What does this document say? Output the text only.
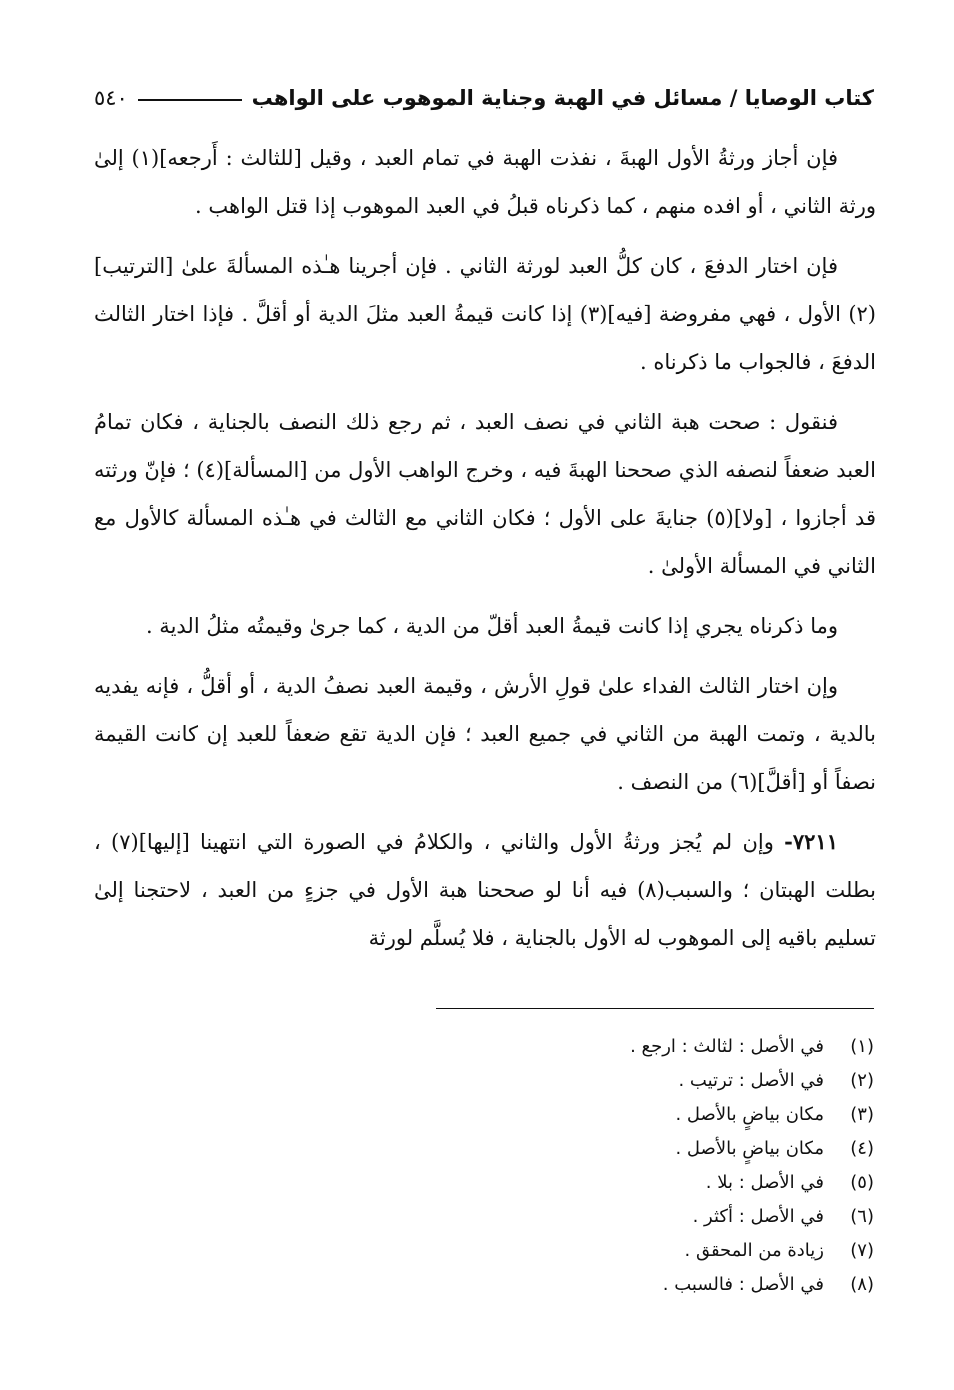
٥٤٠	كتاب الوصايا / مسائل في الهبة وجناية الموهوب على الواهب

فإن أجاز ورثةُ الأول الهبةَ ، نفذت الهبة في تمام العبد ، وقيل [للثالث : أَرجعه](١) إلىٰ ورثة الثاني ، أو افده منهم ، كما ذكرناه قبلُ في العبد الموهوب إذا قتل الواهب .

فإن اختار الدفعَ ، كان كلُّ العبد لورثة الثاني . فإن أجرينا هـٰذه المسألةَ علىٰ [الترتيب](٢) الأول ، فهي مفروضة [فيه](٣) إذا كانت قيمةُ العبد مثلَ الدية أو أقلَّ . فإذا اختار الثالث الدفعَ ، فالجواب ما ذكرناه .

فنقول : صحت هبة الثاني في نصف العبد ، ثم رجع ذلك النصف بالجناية ، فكان تمامُ العبد ضعفاً لنصفه الذي صححنا الهبةَ فيه ، وخرج الواهب الأول من [المسألة](٤) ؛ فإنّ ورثته قد أجازوا ، [ولا](٥) جنايةَ على الأول ؛ فكان الثاني مع الثالث في هـٰذه المسألة كالأول مع الثاني في المسألة الأولىٰ .

وما ذكرناه يجري إذا كانت قيمةُ العبد أقلّ من الدية ، كما جرىٰ وقيمتُه مثلُ الدية .

وإن اختار الثالث الفداء علىٰ قولِ الأرش ، وقيمة العبد نصفُ الدية ، أو أقلُّ ، فإنه يفديه بالدية ، وتمت الهبة من الثاني في جميع العبد ؛ فإن الدية تقع ضعفاً للعبد إن كانت القيمة نصفاً أو [أقلَّ](٦) من النصف .

٧٢١١- وإن لم يُجز ورثةُ الأول والثاني ، والكلامُ في الصورة التي انتهينا [إليها](٧) ، بطلت الهبتان ؛ والسبب(٨) فيه أنا لو صححنا هبة الأول في جزءٍ من العبد ، لاحتجنا إلىٰ تسليم باقيه إلى الموهوب له الأول بالجناية ، فلا يُسلَّم لورثة

(١)
في الأصل : لثالث : ارجع .
(٢)
في الأصل : ترتيب .
(٣)
مكان بياضٍ بالأصل .
(٤)
مكان بياضٍ بالأصل .
(٥)
في الأصل : بلا .
(٦)
في الأصل : أكثر .
(٧)
زيادة من المحقق .
(٨)
في الأصل : فالسبب .
